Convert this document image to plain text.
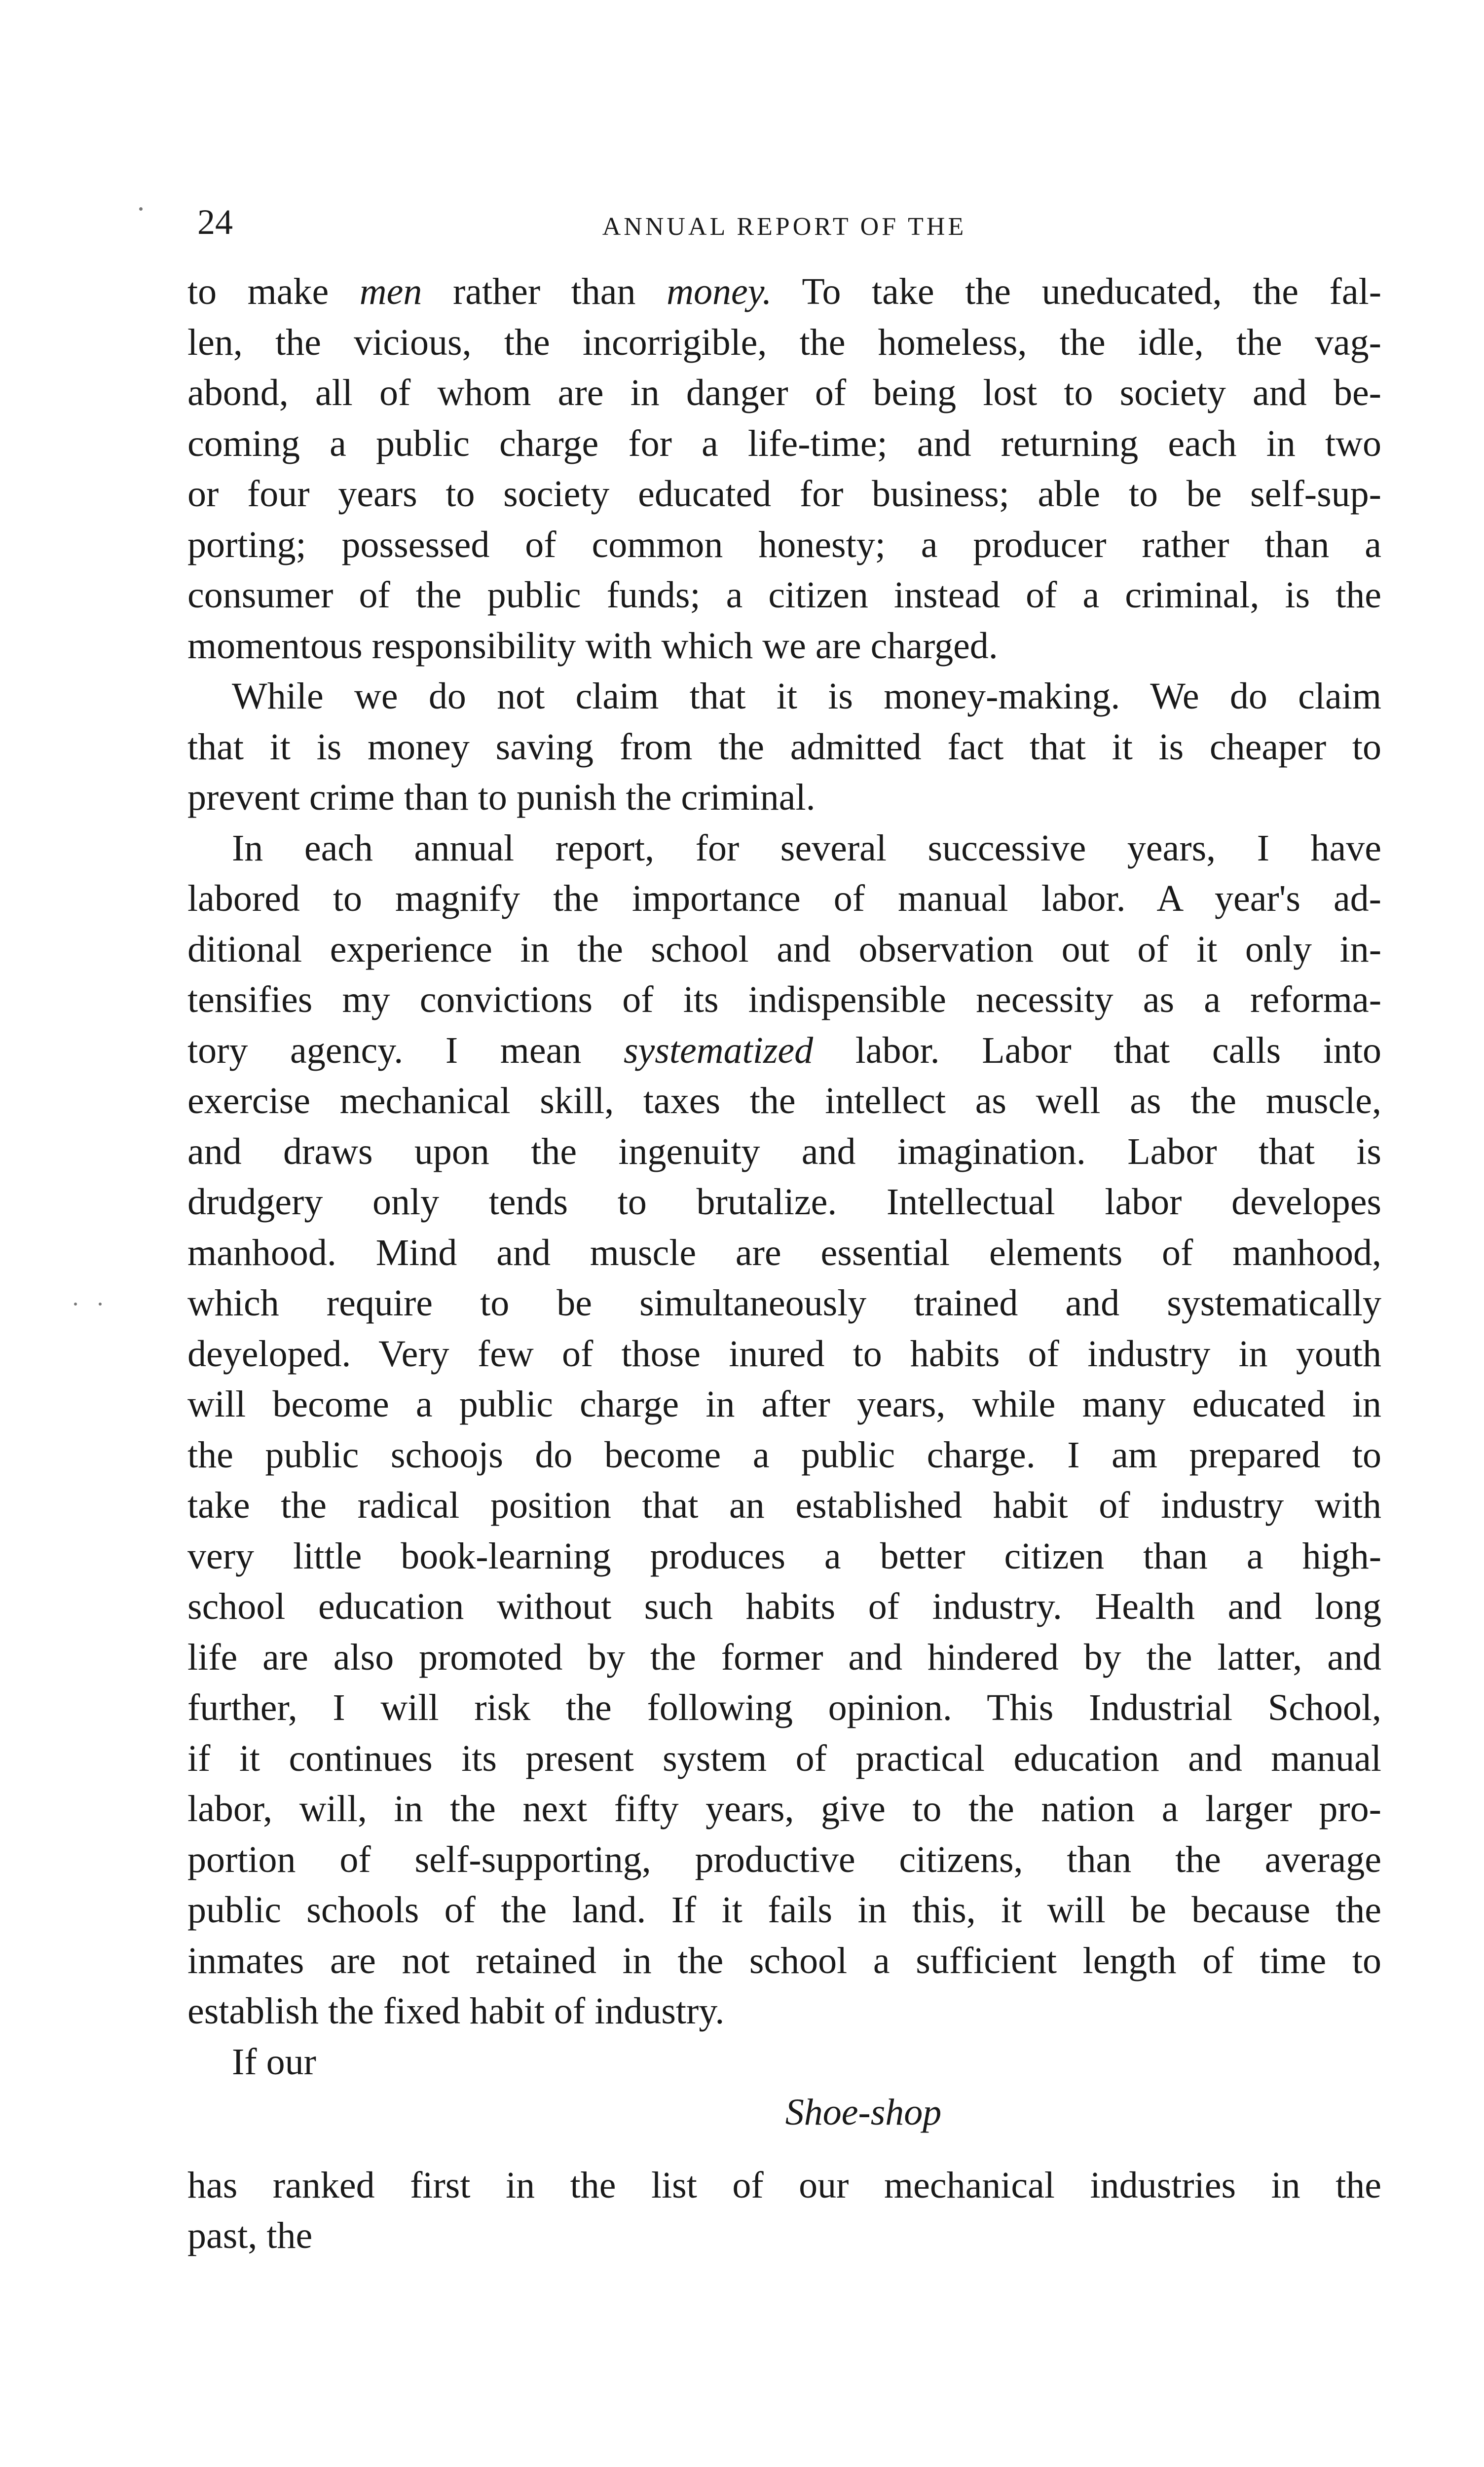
24	ANNUAL REPORT OF THE
to make men rather than money. To take the uneducated, the fal-
len, the vicious, the incorrigible, the homeless, the idle, the vag-
abond, all of whom are in danger of being lost to society and be-
coming a public charge for a life-time; and returning each in two
or four years to society educated for business; able to be self-sup-
porting; possessed of common honesty; a producer rather than a
consumer of the public funds; a citizen instead of a criminal, is the
momentous responsibility with which we are charged.
While we do not claim that it is money-making. We do claim
that it is money saving from the admitted fact that it is cheaper to
prevent crime than to punish the criminal.
In each annual report, for several successive years, I have
labored to magnify the importance of manual labor. A year's ad-
ditional experience in the school and observation out of it only in-
tensifies my convictions of its indispensible necessity as a reforma-
tory agency. I mean systematized labor. Labor that calls into
exercise mechanical skill, taxes the intellect as well as the muscle,
and draws upon the ingenuity and imagination. Labor that is
drudgery only tends to brutalize. Intellectual labor developes
manhood. Mind and muscle are essential elements of manhood,
which require to be simultaneously trained and systematically
deyeloped. Very few of those inured to habits of industry in youth
will become a public charge in after years, while many educated in
the public schoojs do become a public charge. I am prepared to
take the radical position that an established habit of industry with
very little book-learning produces a better citizen than a high-
school education without such habits of industry. Health and long
life are also promoted by the former and hindered by the latter, and
further, I will risk the following opinion. This Industrial School,
if it continues its present system of practical education and manual
labor, will, in the next fifty years, give to the nation a larger pro-
portion of self-supporting, productive citizens, than the average
public schools of the land. If it fails in this, it will be because the
inmates are not retained in the school a sufficient length of time to
establish the fixed habit of industry.
If our
Shoe-shop
has ranked first in the list of our mechanical industries in the
past, the
